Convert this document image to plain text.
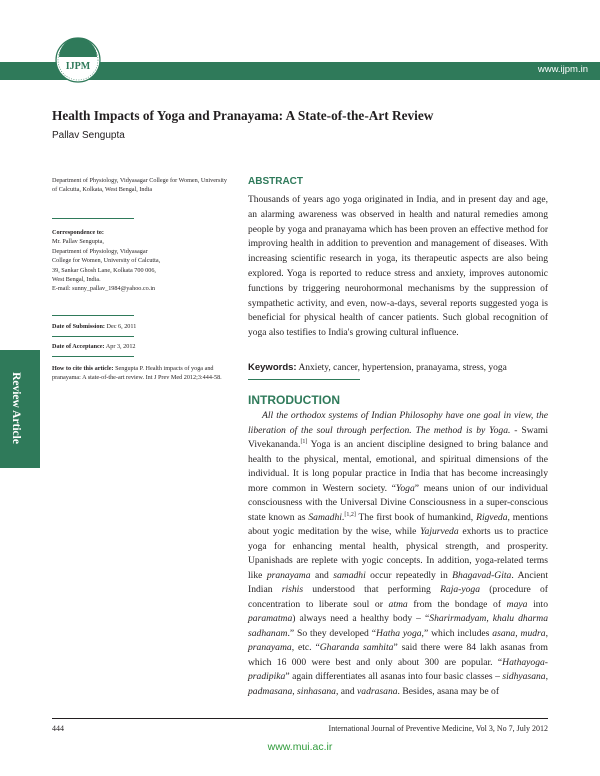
www.ijpm.in
IJPM
Health Impacts of Yoga and Pranayama: A State-of-the-Art Review
Pallav Sengupta

Department of Physiology, Vidyasagar College for Women, University of Calcutta, Kolkata, West Bengal, India

Correspondence to:

Mr. Pallav Sengupta,

Department of Physiology, Vidyasagar

College for Women, University of Calcutta,

39, Sankar Ghosh Lane, Kolkata 700 006,

West Bengal, India.

E-mail: sunny_pallav_1984@yahoo.co.in

Date of Submission: Dec 6, 2011

Date of Acceptance: Apr 3, 2012

How to cite this article: Sengupta P. Health impacts of yoga and pranayama: A state-of-the-art review. Int J Prev Med 2012;3:444-58.

Review Article
ABSTRACT

Thousands of years ago yoga originated in India, and in present day and age, an alarming awareness was observed in health and natural remedies among people by yoga and pranayama which has been proven an effective method for improving health in addition to prevention and management of diseases. With increasing scientific research in yoga, its therapeutic aspects are also being explored. Yoga is reported to reduce stress and anxiety, improves autonomic functions by triggering neurohormonal mechanisms by the suppression of sympathetic activity, and even, now-a-days, several reports suggested yoga is beneficial for physical health of cancer patients. Such global recognition of yoga also testifies to India's growing cultural influence.

Keywords: Anxiety, cancer, hypertension, pranayama, stress, yoga
INTRODUCTION

All the orthodox systems of Indian Philosophy have one goal in view, the liberation of the soul through perfection. The method is by Yoga. - Swami Vivekananda.[1] Yoga is an ancient discipline designed to bring balance and health to the physical, mental, emotional, and spiritual dimensions of the individual. It is long popular practice in India that has become increasingly more common in Western society. “Yoga” means union of our individual consciousness with the Universal Divine Consciousness in a super-conscious state known as Samadhi.[1,2] The first book of humankind, Rigveda, mentions about yogic meditation by the wise, while Yajurveda exhorts us to practice yoga for enhancing mental health, physical strength, and prosperity. Upanishads are replete with yogic concepts. In addition, yoga-related terms like pranayama and samadhi occur repeatedly in Bhagavad-Gita. Ancient Indian rishis understood that performing Raja-yoga (procedure of concentration to liberate soul or atma from the bondage of maya into paramatma) always need a healthy body – “Sharirmadyam, khalu dharma sadhanam.” So they developed “Hatha yoga,” which includes asana, mudra, pranayama, etc. “Gharanda samhita” said there were 84 lakh asanas from which 16 000 were best and only about 300 are popular. “Hathayoga-pradipika” again differentiates all asanas into four basic classes – sidhyasana, padmasana, sinhasana, and vadrasana. Besides, asana may be of

444	International Journal of Preventive Medicine, Vol 3, No 7, July 2012
www.mui.ac.ir
